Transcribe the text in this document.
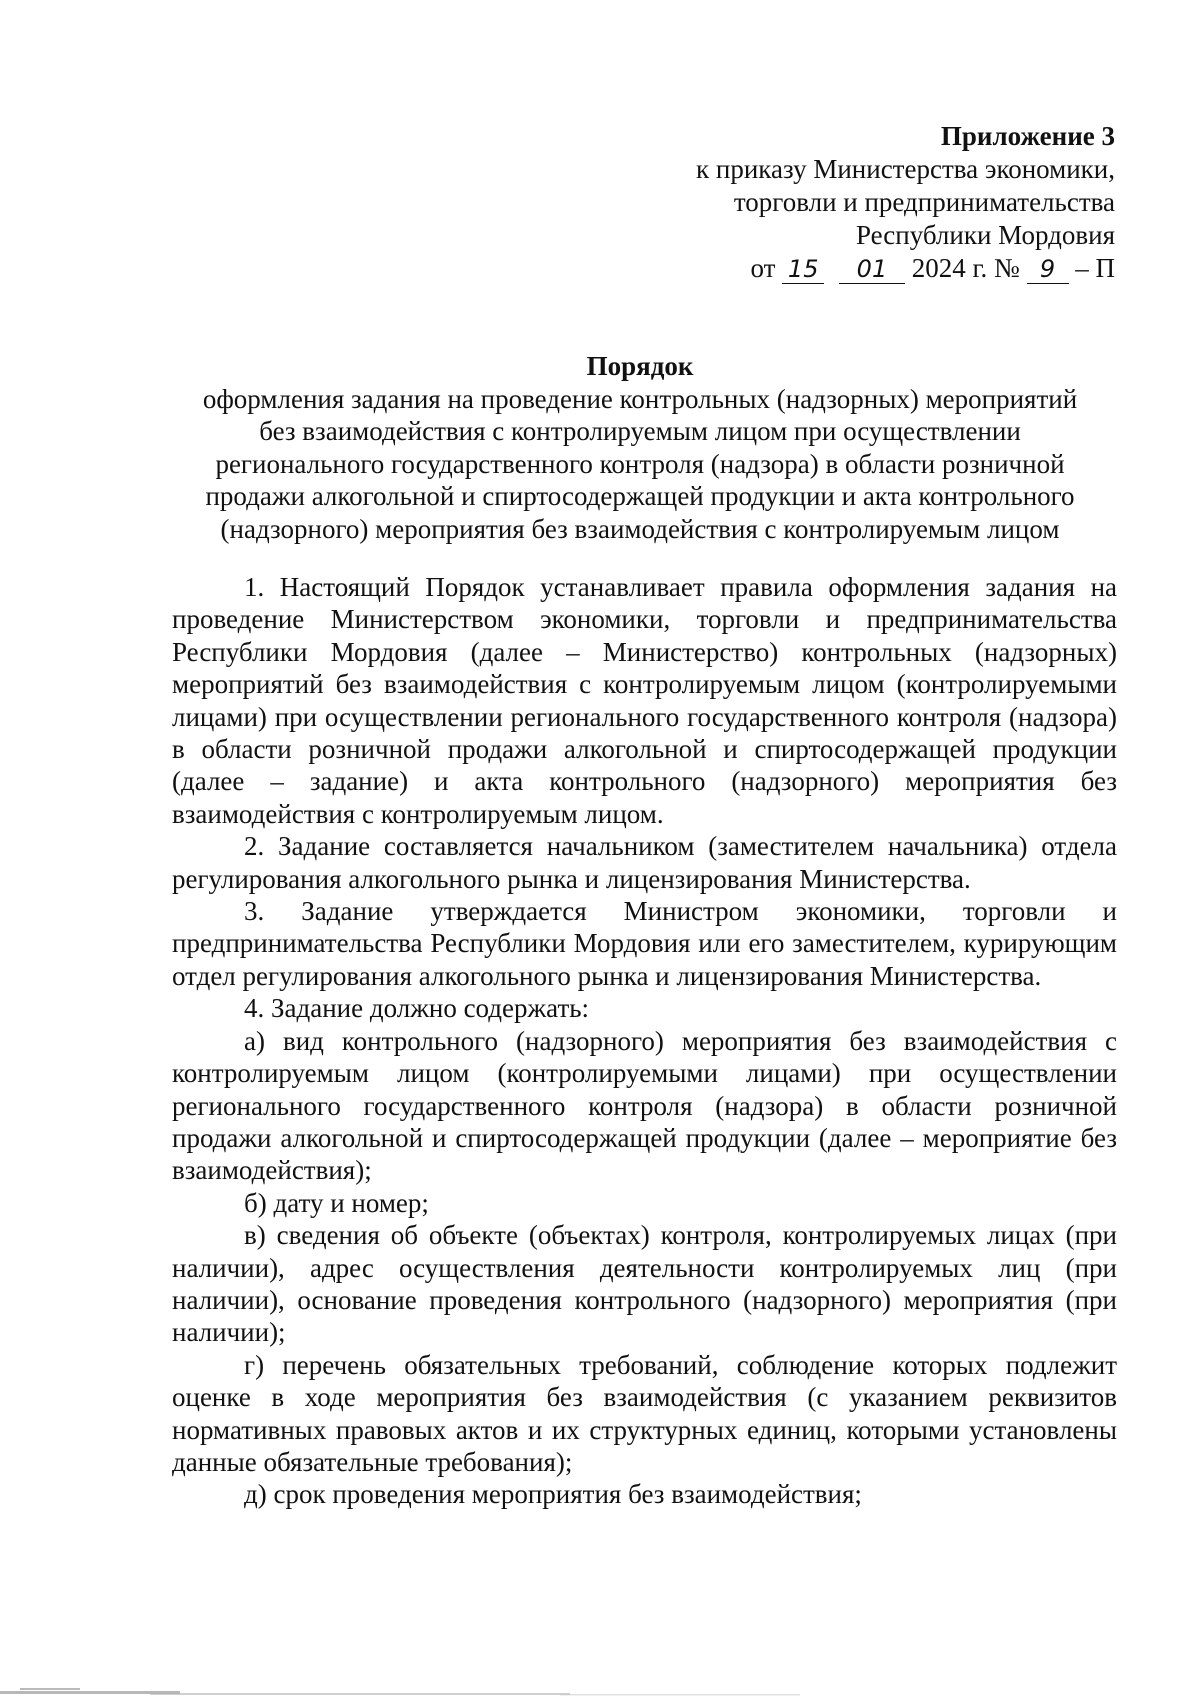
Приложение 3
к приказу Министерства экономики,
торговли и предпринимательства
Республики Мордовия
от 15 01 2024 г. № 9 – П
Порядок
оформления задания на проведение контрольных (надзорных) мероприятий
без взаимодействия с контролируемым лицом при осуществлении
регионального государственного контроля (надзора) в области розничной
продажи алкогольной и спиртосодержащей продукции и акта контрольного
(надзорного) мероприятия без взаимодействия с контролируемым лицом

1. Настоящий Порядок устанавливает правила оформления задания на проведение Министерством экономики, торговли и предпринимательства Республики Мордовия (далее – Министерство) контрольных (надзорных) мероприятий без взаимодействия с контролируемым лицом (контролируемыми лицами) при осуществлении регионального государственного контроля (надзора) в области розничной продажи алкогольной и спиртосодержащей продукции (далее – задание) и акта контрольного (надзорного) мероприятия без взаимодействия с контролируемым лицом.

2. Задание составляется начальником (заместителем начальника) отдела регулирования алкогольного рынка и лицензирования Министерства.

3. Задание утверждается Министром экономики, торговли и предпринимательства Республики Мордовия или его заместителем, курирующим отдел регулирования алкогольного рынка и лицензирования Министерства.

4. Задание должно содержать:

а) вид контрольного (надзорного) мероприятия без взаимодействия с контролируемым лицом (контролируемыми лицами) при осуществлении регионального государственного контроля (надзора) в области розничной продажи алкогольной и спиртосодержащей продукции (далее – мероприятие без взаимодействия);

б) дату и номер;

в) сведения об объекте (объектах) контроля, контролируемых лицах (при наличии), адрес осуществления деятельности контролируемых лиц (при наличии), основание проведения контрольного (надзорного) мероприятия (при наличии);

г) перечень обязательных требований, соблюдение которых подлежит оценке в ходе мероприятия без взаимодействия (с указанием реквизитов нормативных правовых актов и их структурных единиц, которыми установлены данные обязательные требования);

д) срок проведения мероприятия без взаимодействия;
